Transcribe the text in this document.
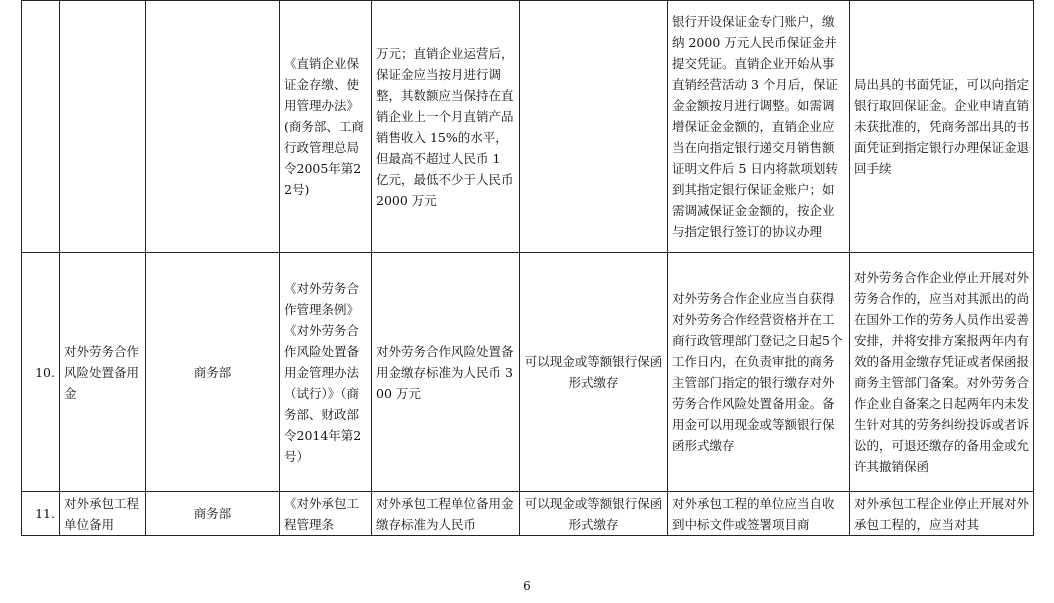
			《直销企业保证金存缴、使用管理办法》(商务部、工商行政管理总局令2005年第22号)	万元；直销企业运营后，保证金应当按月进行调整，其数额应当保持在直销企业上一个月直销产品销售收入 15%的水平，但最高不超过人民币 1 亿元，最低不少于人民币 2000 万元		银行开设保证金专门账户，缴纳 2000 万元人民币保证金并提交凭证。直销企业开始从事直销经营活动 3 个月后，保证金金额按月进行调整。如需调增保证金金额的，直销企业应当在向指定银行递交月销售额证明文件后 5 日内将款项划转到其指定银行保证金账户；如需调减保证金金额的，按企业与指定银行签订的协议办理	局出具的书面凭证，可以向指定银行取回保证金。企业申请直销未获批准的，凭商务部出具的书面凭证到指定银行办理保证金退回手续
10.	对外劳务合作风险处置备用金	商务部	《对外劳务合作管理条例》《对外劳务合作风险处置备用金管理办法（试行）》（商务部、财政部令2014年第2号）	对外劳务合作风险处置备用金缴存标准为人民币 300 万元	可以现金或等额银行保函形式缴存	对外劳务合作企业应当自获得对外劳务合作经营资格并在工商行政管理部门登记之日起5个工作日内，在负责审批的商务主管部门指定的银行缴存对外劳务合作风险处置备用金。备用金可以用现金或等额银行保函形式缴存	对外劳务合作企业停止开展对外劳务合作的，应当对其派出的尚在国外工作的劳务人员作出妥善安排，并将安排方案报两年内有效的备用金缴存凭证或者保函报商务主管部门备案。对外劳务合作企业自备案之日起两年内未发生针对其的劳务纠纷投诉或者诉讼的，可退还缴存的备用金或允许其撤销保函
11.	对外承包工程单位备用	商务部	《对外承包工程管理条	对外承包工程单位备用金缴存标准为人民币	可以现金或等额银行保函形式缴存	对外承包工程的单位应当自收到中标文件或签署项目商	对外承包工程企业停止开展对外承包工程的，应当对其
6
